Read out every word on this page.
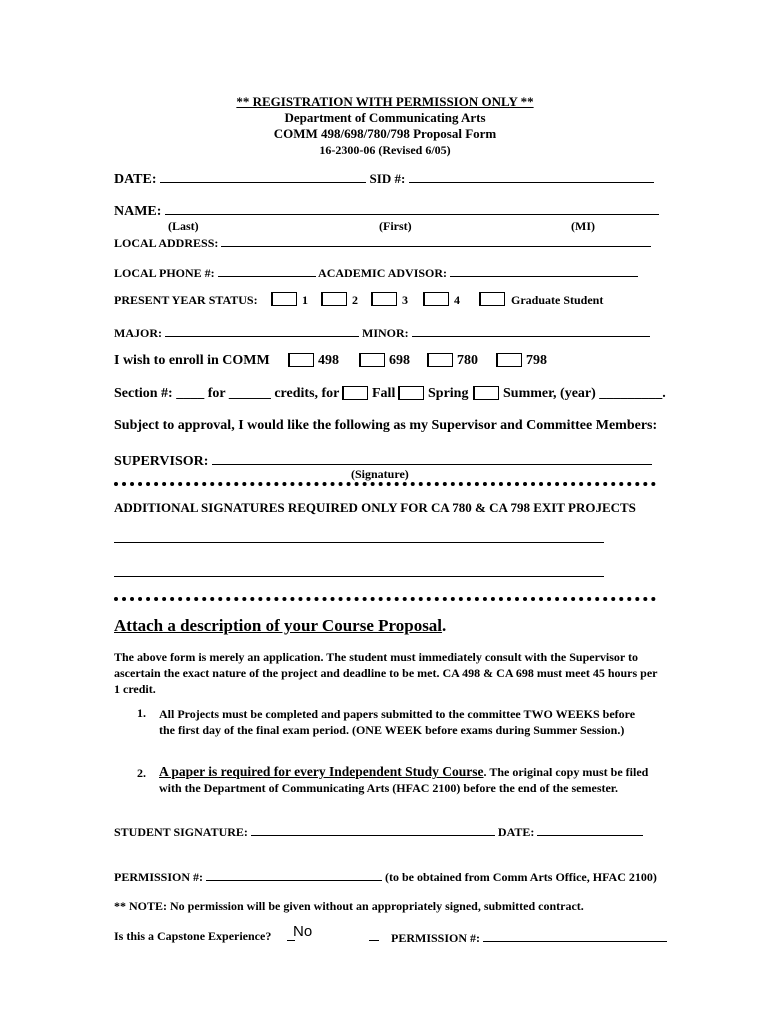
** REGISTRATION WITH PERMISSION ONLY **
Department of Communicating Arts
COMM 498/698/780/798 Proposal Form
16-2300-06 (Revised 6/05)
DATE:	SID #:
NAME:
(Last)	(First)	(MI)
LOCAL ADDRESS:
LOCAL PHONE #:	ACADEMIC ADVISOR:
PRESENT YEAR STATUS:	1	2	3	4	Graduate Student
MAJOR:	MINOR:
I wish to enroll in COMM	498	698	780	798
Section #: ____ for ______ credits, for Fall Spring Summer, (year) _________.
Subject to approval, I would like the following as my Supervisor and Committee Members:
SUPERVISOR:
(Signature)
ADDITIONAL SIGNATURES REQUIRED ONLY FOR CA 780 & CA 798 EXIT PROJECTS
Attach a description of your Course Proposal.
The above form is merely an application. The student must immediately consult with the Supervisor to ascertain the exact nature of the project and deadline to be met. CA 498 & CA 698 must meet 45 hours per 1 credit.
1. All Projects must be completed and papers submitted to the committee TWO WEEKS before the first day of the final exam period. (ONE WEEK before exams during Summer Session.)
2. A paper is required for every Independent Study Course. The original copy must be filed with the Department of Communicating Arts (HFAC 2100) before the end of the semester.
STUDENT SIGNATURE:	DATE:
PERMISSION #:	(to be obtained from Comm Arts Office, HFAC 2100)
** NOTE: No permission will be given without an appropriately signed, submitted contract.
Is this a Capstone Experience?
No	PERMISSION #:
